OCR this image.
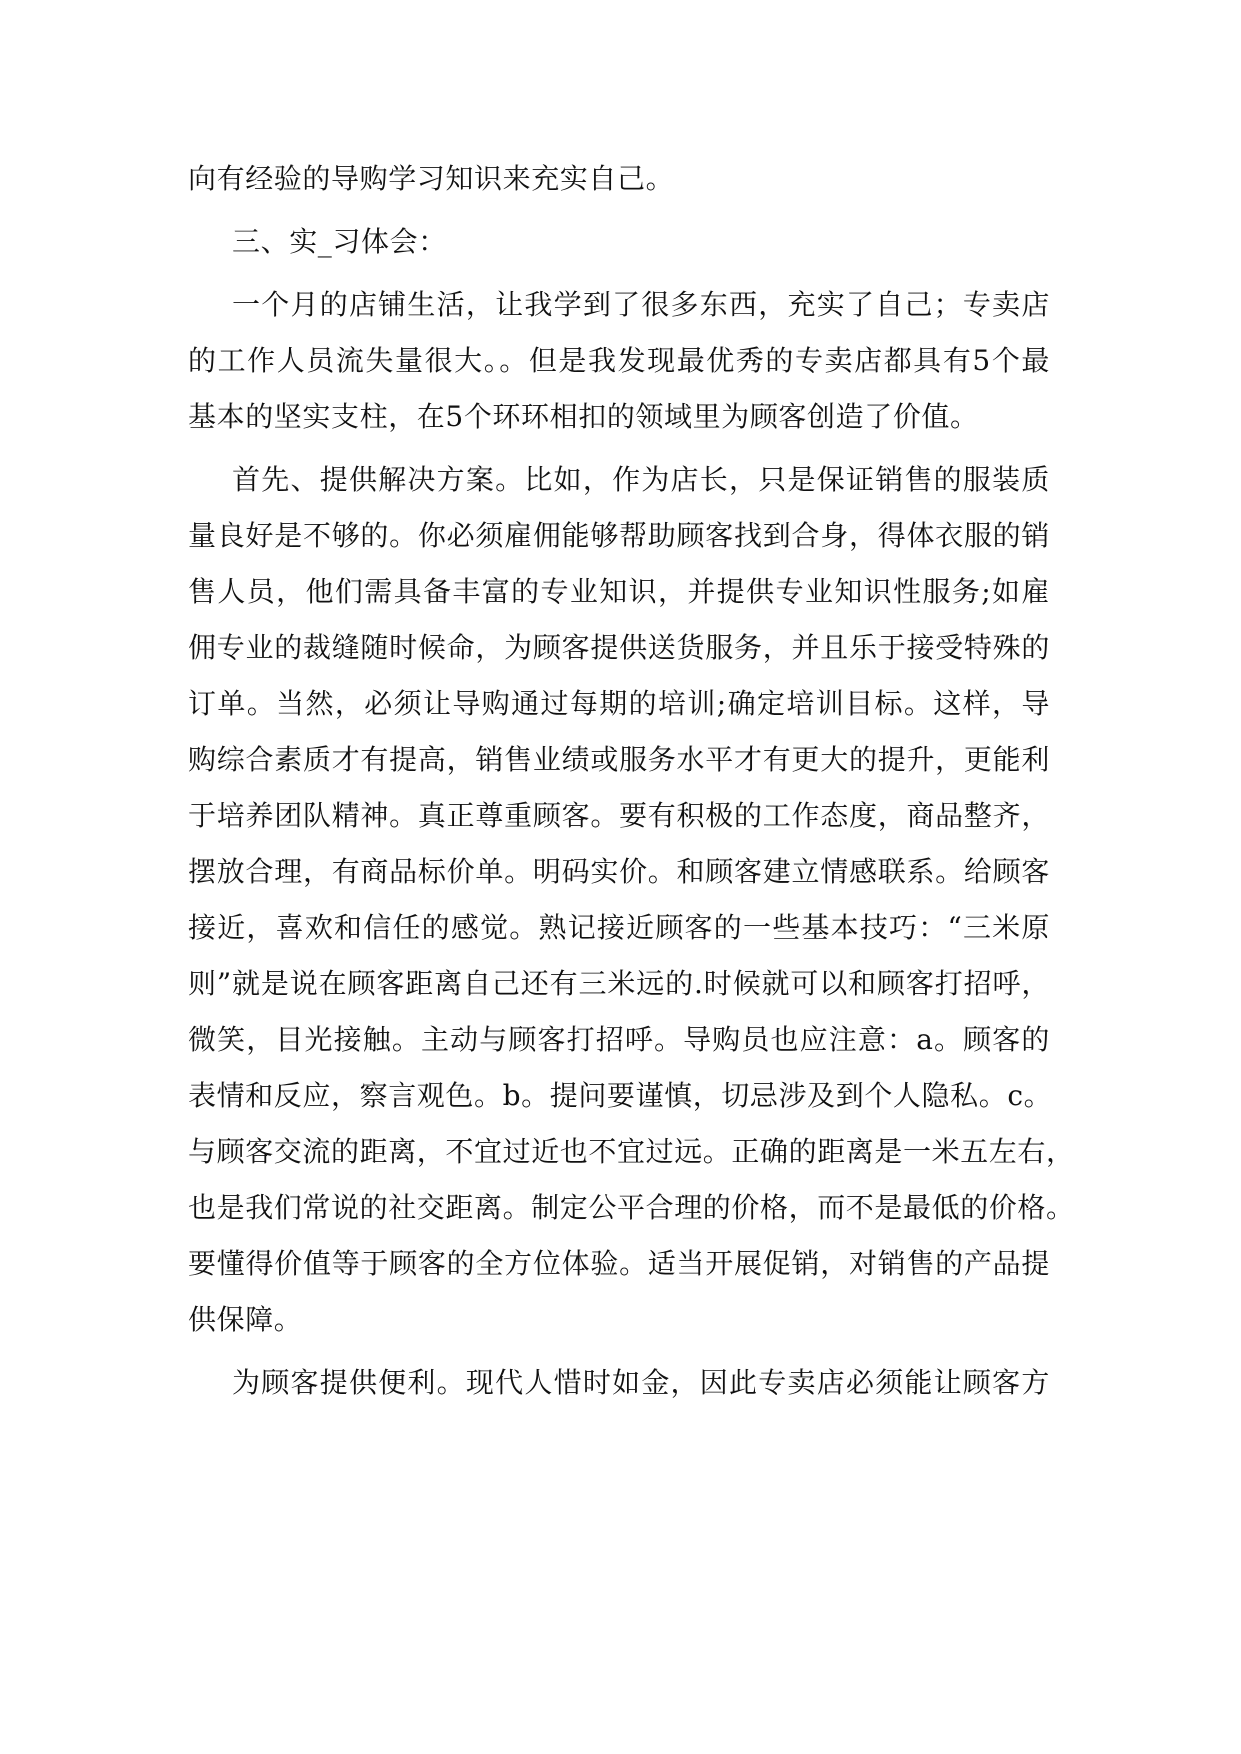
向有经验的导购学习知识来充实自己。
三、实_习体会：
一个月的店铺生活，让我学到了很多东西，充实了自己；专卖店
的工作人员流失量很大。。但是我发现最优秀的专卖店都具有5个最
基本的坚实支柱，在5个环环相扣的领域里为顾客创造了价值。
首先、提供解决方案。比如，作为店长，只是保证销售的服装质
量良好是不够的。你必须雇佣能够帮助顾客找到合身，得体衣服的销
售人员，他们需具备丰富的专业知识，并提供专业知识性服务;如雇
佣专业的裁缝随时候命，为顾客提供送货服务，并且乐于接受特殊的
订单。当然，必须让导购通过每期的培训;确定培训目标。这样，导
购综合素质才有提高，销售业绩或服务水平才有更大的提升，更能利
于培养团队精神。真正尊重顾客。要有积极的工作态度，商品整齐，
摆放合理，有商品标价单。明码实价。和顾客建立情感联系。给顾客
接近，喜欢和信任的感觉。熟记接近顾客的一些基本技巧：“三米原
则”就是说在顾客距离自己还有三米远的.时候就可以和顾客打招呼，
微笑，目光接触。主动与顾客打招呼。导购员也应注意：a。顾客的
表情和反应，察言观色。b。提问要谨慎，切忌涉及到个人隐私。c。
与顾客交流的距离，不宜过近也不宜过远。正确的距离是一米五左右，
也是我们常说的社交距离。制定公平合理的价格，而不是最低的价格。
要懂得价值等于顾客的全方位体验。适当开展促销，对销售的产品提
供保障。
为顾客提供便利。现代人惜时如金，因此专卖店必须能让顾客方
